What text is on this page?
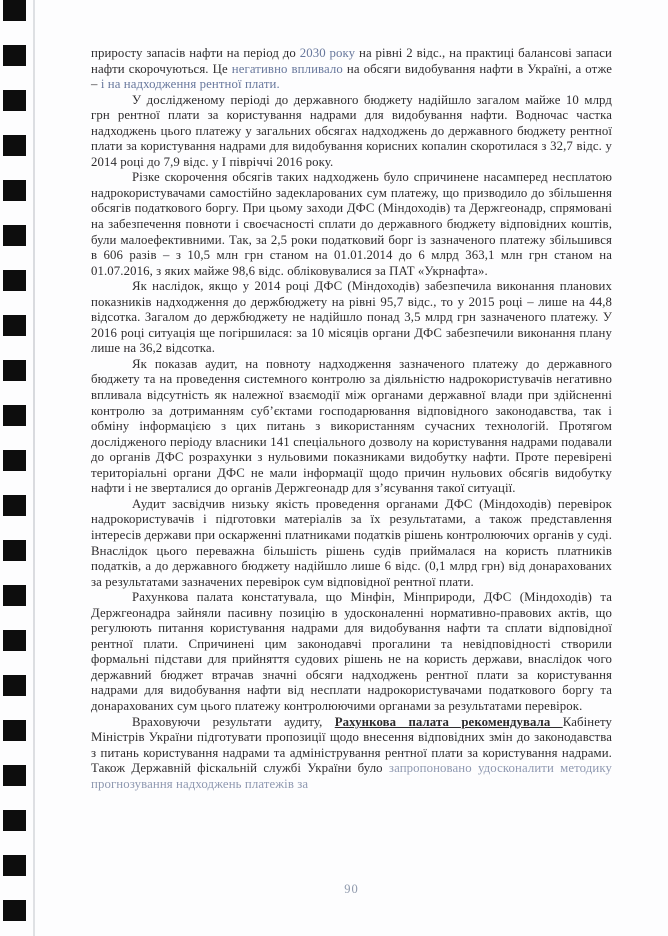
приросту запасів нафти на період до 2030 року на рівні 2 відс., на практиці балансові запаси нафти скорочуються. Це негативно впливало на обсяги видобування нафти в Україні, а отже – і на надходження рентної плати.

У дослідженому періоді до державного бюджету надійшло загалом майже 10 млрд грн рентної плати за користування надрами для видобування нафти. Водночас частка надходжень цього платежу у загальних обсягах надходжень до державного бюджету рентної плати за користування надрами для видобування корисних копалин скоротилася з 32,7 відс. у 2014 році до 7,9 відс. у І півріччі 2016 року.

Різке скорочення обсягів таких надходжень було спричинене насамперед несплатою надрокористувачами самостійно задекларованих сум платежу, що призводило до збільшення обсягів податкового боргу. При цьому заходи ДФС (Міндоходів) та Держгеонадр, спрямовані на забезпечення повноти і своєчасності сплати до державного бюджету відповідних коштів, були малоефективними. Так, за 2,5 роки податковий борг із зазначеного платежу збільшився в 606 разів – з 10,5 млн грн станом на 01.01.2014 до 6 млрд 363,1 млн грн станом на 01.07.2016, з яких майже 98,6 відс. обліковувалися за ПАТ «Укрнафта».

Як наслідок, якщо у 2014 році ДФС (Міндоходів) забезпечила виконання планових показників надходження до держбюджету на рівні 95,7 відс., то у 2015 році – лише на 44,8 відсотка. Загалом до держбюджету не надійшло понад 3,5 млрд грн зазначеного платежу. У 2016 році ситуація ще погіршилася: за 10 місяців органи ДФС забезпечили виконання плану лише на 36,2 відсотка.

Як показав аудит, на повноту надходження зазначеного платежу до державного бюджету та на проведення системного контролю за діяльністю надрокористувачів негативно впливала відсутність як належної взаємодії між органами державної влади при здійсненні контролю за дотриманням суб’єктами господарювання відповідного законодавства, так і обміну інформацією з цих питань з використанням сучасних технологій. Протягом дослідженого періоду власники 141 спеціального дозволу на користування надрами подавали до органів ДФС розрахунки з нульовими показниками видобутку нафти. Проте перевірені територіальні органи ДФС не мали інформації щодо причин нульових обсягів видобутку нафти і не зверталися до органів Держгеонадр для з’ясування такої ситуації.

Аудит засвідчив низьку якість проведення органами ДФС (Міндоходів) перевірок надрокористувачів і підготовки матеріалів за їх результатами, а також представлення інтересів держави при оскарженні платниками податків рішень контролюючих органів у суді. Внаслідок цього переважна більшість рішень судів приймалася на користь платників податків, а до державного бюджету надійшло лише 6 відс. (0,1 млрд грн) від донарахованих за результатами зазначених перевірок сум відповідної рентної плати.

Рахункова палата констатувала, що Мінфін, Мінприроди, ДФС (Міндоходів) та Держгеонадра зайняли пасивну позицію в удосконаленні нормативно-правових актів, що регулюють питання користування надрами для видобування нафти та сплати відповідної рентної плати. Спричинені цим законодавчі прогалини та невідповідності створили формальні підстави для прийняття судових рішень не на користь держави, внаслідок чого державний бюджет втрачав значні обсяги надходжень рентної плати за користування надрами для видобування нафти від несплати надрокористувачами податкового боргу та донарахованих сум цього платежу контролюючими органами за результатами перевірок.

Враховуючи результати аудиту, Рахункова палата рекомендувала Кабінету Міністрів України підготувати пропозиції щодо внесення відповідних змін до законодавства з питань користування надрами та адміністрування рентної плати за користування надрами. Також Державній фіскальній службі України було запропоновано удосконалити методику прогнозування надходжень платежів за

90
